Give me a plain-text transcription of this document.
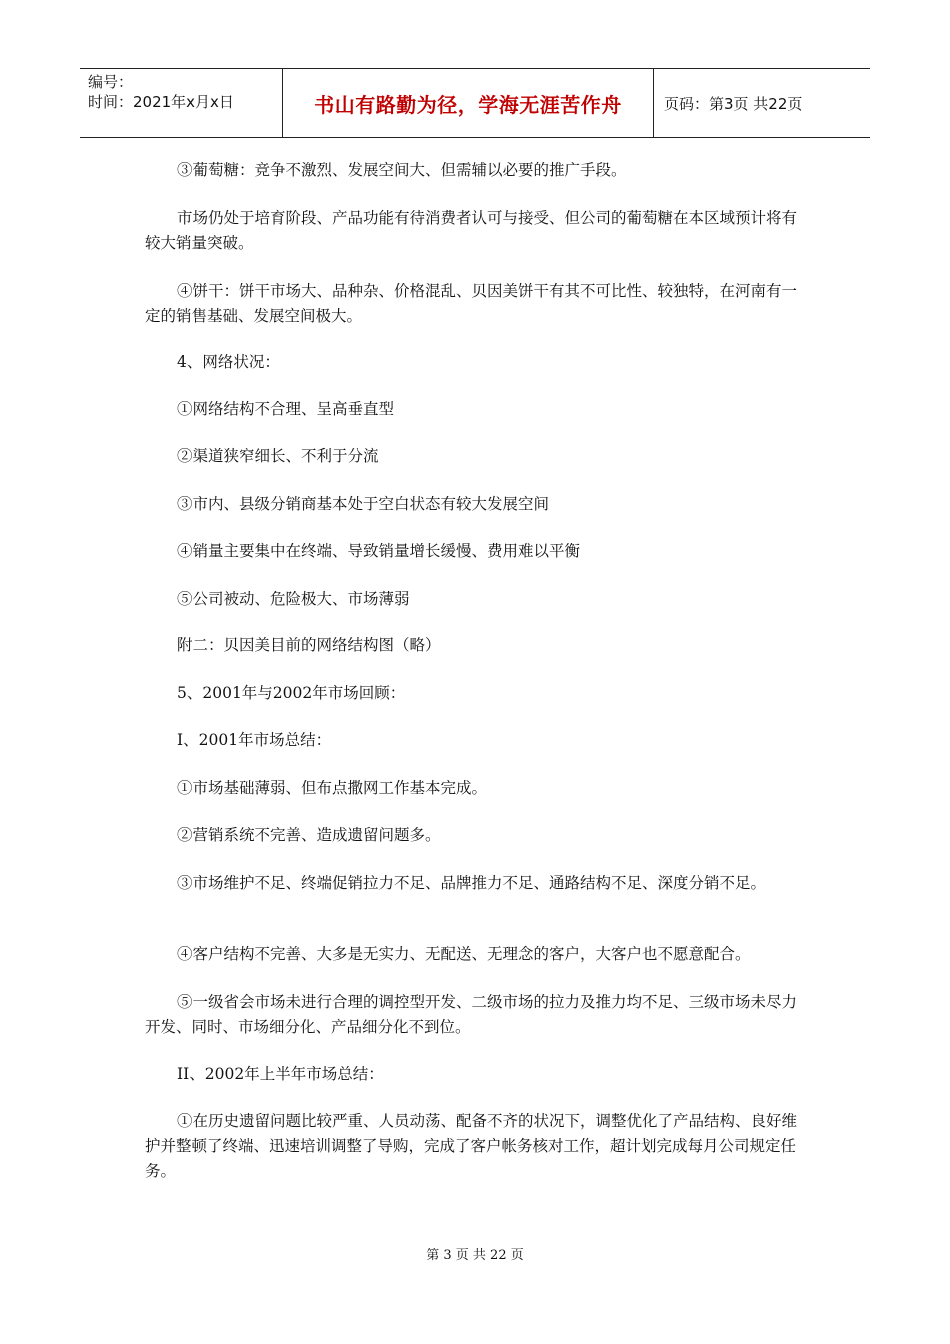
编号：
时间：2021年x月x日	书山有路勤为径，学海无涯苦作舟	页码：第3页 共22页

③葡萄糖：竞争不激烈、发展空间大、但需辅以必要的推广手段。

市场仍处于培育阶段、产品功能有待消费者认可与接受、但公司的葡萄糖在本区域预计将有较大销量突破。

④饼干：饼干市场大、品种杂、价格混乱、贝因美饼干有其不可比性、较独特，在河南有一定的销售基础、发展空间极大。

4、网络状况：

①网络结构不合理、呈高垂直型

②渠道狭窄细长、不利于分流

③市内、县级分销商基本处于空白状态有较大发展空间

④销量主要集中在终端、导致销量增长缓慢、费用难以平衡

⑤公司被动、危险极大、市场薄弱

附二：贝因美目前的网络结构图（略）

5、2001年与2002年市场回顾：

I、2001年市场总结：

①市场基础薄弱、但布点撒网工作基本完成。

②营销系统不完善、造成遗留问题多。

③市场维护不足、终端促销拉力不足、品牌推力不足、通路结构不足、深度分销不足。

④客户结构不完善、大多是无实力、无配送、无理念的客户，大客户也不愿意配合。

⑤一级省会市场未进行合理的调控型开发、二级市场的拉力及推力均不足、三级市场未尽力开发、同时、市场细分化、产品细分化不到位。

II、2002年上半年市场总结：

①在历史遗留问题比较严重、人员动荡、配备不齐的状况下，调整优化了产品结构、良好维护并整顿了终端、迅速培训调整了导购，完成了客户帐务核对工作，超计划完成每月公司规定任务。

第 3 页 共 22 页
